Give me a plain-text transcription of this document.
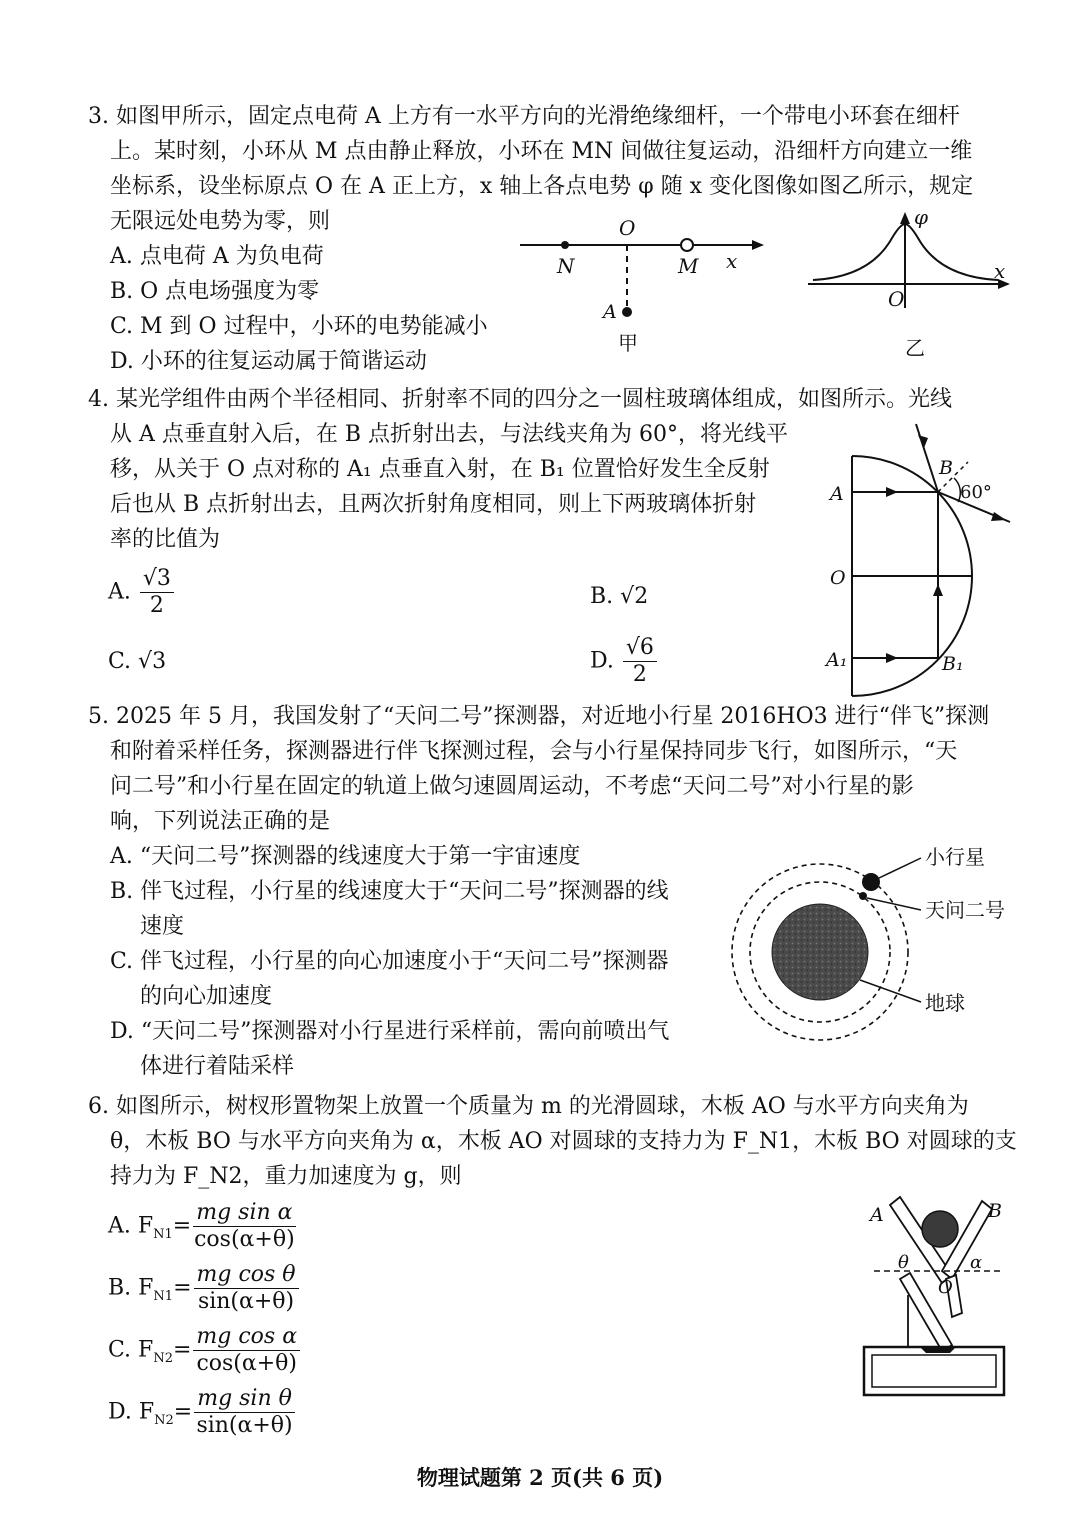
3. 如图甲所示，固定点电荷 A 上方有一水平方向的光滑绝缘细杆，一个带电小环套在细杆
上。某时刻，小环从 M 点由静止释放，小环在 MN 间做往复运动，沿细杆方向建立一维
坐标系，设坐标原点 O 在 A 正上方，x 轴上各点电势 φ 随 x 变化图像如图乙所示，规定
无限远处电势为零，则
A. 点电荷 A 为负电荷
B. O 点电场强度为零
C. M 到 O 过程中，小环的电势能减小
D. 小环的往复运动属于简谐运动
O
N	M x
A
甲
φ
x
O
乙
4. 某光学组件由两个半径相同、折射率不同的四分之一圆柱玻璃体组成，如图所示。光线
从 A 点垂直射入后，在 B 点折射出去，与法线夹角为 60°，将光线平
移，从关于 O 点对称的 A₁ 点垂直入射，在 B₁ 位置恰好发生全反射
后也从 B 点折射出去，且两次折射角度相同，则上下两玻璃体折射
率的比值为
A. $\frac{√3}{2}$	B. √2
C. √3	D. $\frac{√6}{2}$
A
B
60°
O
A₁	B₁
5. 2025 年 5 月，我国发射了“天问二号”探测器，对近地小行星 2016HO3 进行“伴飞”探测
和附着采样任务，探测器进行伴飞探测过程，会与小行星保持同步飞行，如图所示，“天
问二号”和小行星在固定的轨道上做匀速圆周运动，不考虑“天问二号”对小行星的影
响，下列说法正确的是
A. “天问二号”探测器的线速度大于第一宇宙速度
B. 伴飞过程，小行星的线速度大于“天问二号”探测器的线
速度
C. 伴飞过程，小行星的向心加速度小于“天问二号”探测器
的向心加速度
D. “天问二号”探测器对小行星进行采样前，需向前喷出气
体进行着陆采样
小行星
天问二号
地球
6. 如图所示，树杈形置物架上放置一个质量为 m 的光滑圆球，木板 AO 与水平方向夹角为
θ，木板 BO 与水平方向夹角为 α，木板 AO 对圆球的支持力为 F_N1，木板 BO 对圆球的支
持力为 F_N2，重力加速度为 g，则
A. $F_{N1}= \frac{\text{mg sin α}}{\cos(\alpha+\theta)}$
B. $F_{N1}= \frac{\text{mg cos θ}}{\sin(\alpha+\theta)}$
C. $F_{N2}= \frac{\text{mg cos α}}{\cos(\alpha+\theta)}$
D. $F_{N2}= \frac{\text{mg sin θ}}{\sin(\alpha+\theta)}$
A	B
θ	α
O
物理试题第 2 页(共 6 页)
